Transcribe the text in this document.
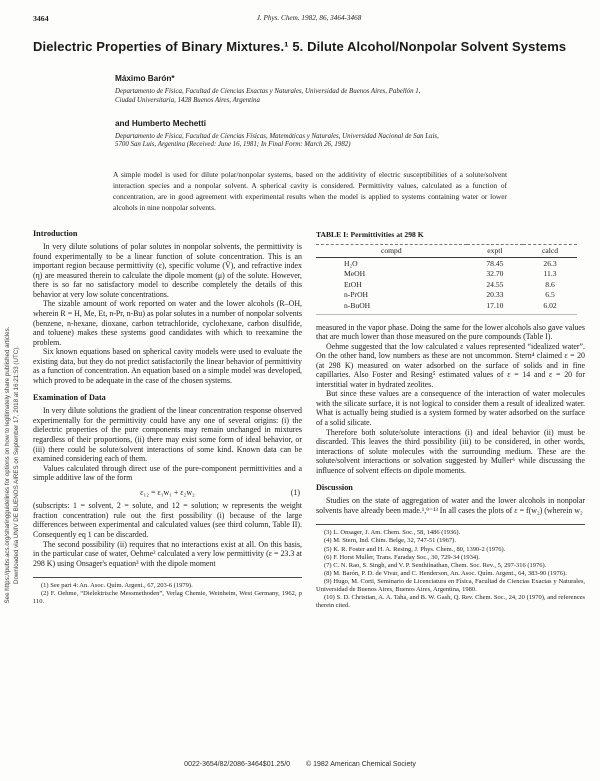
See https://pubs.acs.org/sharingguidelines for options on how to legitimately share published articles. Downloaded via UNIV DE BUENOS AIRES on September 17, 2018 at 16:21:53 (UTC).
3464	J. Phys. Chem. 1982, 86, 3464-3468
Dielectric Properties of Binary Mixtures.¹ 5. Dilute Alcohol/Nonpolar Solvent Systems
Máximo Barón*
Departamento de Física, Facultad de Ciencias Exactas y Naturales, Universidad de Buenos Aires, Pabellón 1,
Ciudad Universitaria, 1428 Buenos Aires, Argentina
and Humberto Mechetti
Departamento de Física, Facultad de Ciencias Físicas, Matemáticas y Naturales, Universidad Nacional de San Luis,
5700 San Luis, Argentina (Received: June 16, 1981; In Final Form: March 26, 1982)

A simple model is used for dilute polar/nonpolar systems, based on the additivity of electric susceptibilities of a solute/solvent interaction species and a nonpolar solvent. A spherical cavity is considered. Permittivity values, calculated as a function of concentration, are in good agreement with experimental results when the model is applied to systems containing water or lower alcohols in nine nonpolar solvents.

Introduction

In very dilute solutions of polar solutes in nonpolar solvents, the permittivity is found experimentally to be a linear function of solute concentration. This is an important region because permittivity (ε), specific volume (V̄), and refractive index (η) are measured therein to calculate the dipole moment (μ) of the solute. However, there is so far no satisfactory model to describe completely the details of this behavior at very low solute concentrations.

The sizable amount of work reported on water and the lower alcohols (R–OH, wherein R = H, Me, Et, n-Pr, n-Bu) as polar solutes in a number of nonpolar solvents (benzene, n-hexane, dioxane, carbon tetrachloride, cyclohexane, carbon disulfide, and toluene) makes these systems good candidates with which to reexamine the problem.

Six known equations based on spherical cavity models were used to evaluate the existing data, but they do not predict satisfactorily the linear behavior of permittivity as a function of concentration. An equation based on a simple model was developed, which proved to be adequate in the case of the chosen systems.

Examination of Data

In very dilute solutions the gradient of the linear concentration response observed experimentally for the permittivity could have any one of several origins: (i) the dielectric properties of the pure components may remain unchanged in mixtures regardless of their proportions, (ii) there may exist some form of ideal behavior, or (iii) there could be solute/solvent interactions of some kind. Known data can be examined considering each of them.

Values calculated through direct use of the pure-component permittivities and a simple additive law of the form

ε₁₂ = ε₁w₁ + ε₂w₂	(1)

(subscripts: 1 = solvent, 2 = solute, and 12 = solution; w represents the weight fraction concentration) rule out the first possibility (i) because of the large differences between experimental and calculated values (see third column, Table II). Consequently eq 1 can be discarded.

The second possibility (ii) requires that no interactions exist at all. On this basis, in the particular case of water, Oehme² calculated a very low permittivity (ε = 23.3 at 298 K) using Onsager's equation³ with the dipole moment

(1) See part 4: An. Asoc. Quím. Argent., 67, 203-6 (1979).

(2) F. Oehme, “Dielektrische Messmethoden”, Verlag Chemie, Weinheim, West Germany, 1962, p 110.

TABLE I: Permittivities at 298 K
compd	exptl	calcd
H₂O	78.45	26.3
MeOH	32.70	11.3
EtOH	24.55	8.6
n-PrOH	20.33	6.5
n-BuOH	17.10	6.02

measured in the vapor phase. Doing the same for the lower alcohols also gave values that are much lower than those measured on the pure compounds (Table I).

Oehme suggested that the low calculated ε values represented “idealized water”. On the other hand, low numbers as these are not uncommon. Stern⁴ claimed ε = 20 (at 298 K) measured on water adsorbed on the surface of solids and in fine capillaries. Also Foster and Resing⁵ estimated values of ε = 14 and ε = 20 for interstitial water in hydrated zeolites.

But since these values are a consequence of the interaction of water molecules with the silicate surface, it is not logical to consider them a result of idealized water. What is actually being studied is a system formed by water adsorbed on the surface of a solid silicate.

Therefore both solute/solute interactions (i) and ideal behavior (ii) must be discarded. This leaves the third possibility (iii) to be considered, in other words, interactions of solute molecules with the surrounding medium. These are the solute/solvent interactions or solvation suggested by Muller⁶ while discussing the influence of solvent effects on dipole moments.

Discussion

Studies on the state of aggregation of water and the lower alcohols in nonpolar solvents have already been made.¹,⁹⁻¹³ In all cases the plots of ε = f(w₂) (wherein w₂

(3) L. Onsager, J. Am. Chem. Soc., 58, 1486 (1936).

(4) M. Stern, Ind. Chim. Belge, 32, 747-51 (1967).

(5) K. R. Foster and H. A. Resing, J. Phys. Chem., 80, 1390-2 (1976).

(6) F. Horst Muller, Trans. Faraday Soc., 30, 729-34 (1934).

(7) C. N. Rao, S. Singh, and V. P. Senthilnathan, Chem. Soc. Rev., 5, 297-316 (1976).

(8) M. Barón, P. D. de Vivar, and C. Henderson, An. Asoc. Quím. Argent., 64, 383-90 (1976).

(9) Hugo, M. Corti, Seminario de Licenciatura en Física, Facultad de Ciencias Exactas y Naturales, Universidad de Buenos Aires, Buenos Aires, Argentina, 1980.

(10) S. D. Christian, A. A. Taha, and B. W. Gash, Q. Rev. Chem. Soc., 24, 20 (1970), and references therein cited.

0022-3654/82/2086-3464$01.25/0 © 1982 American Chemical Society
